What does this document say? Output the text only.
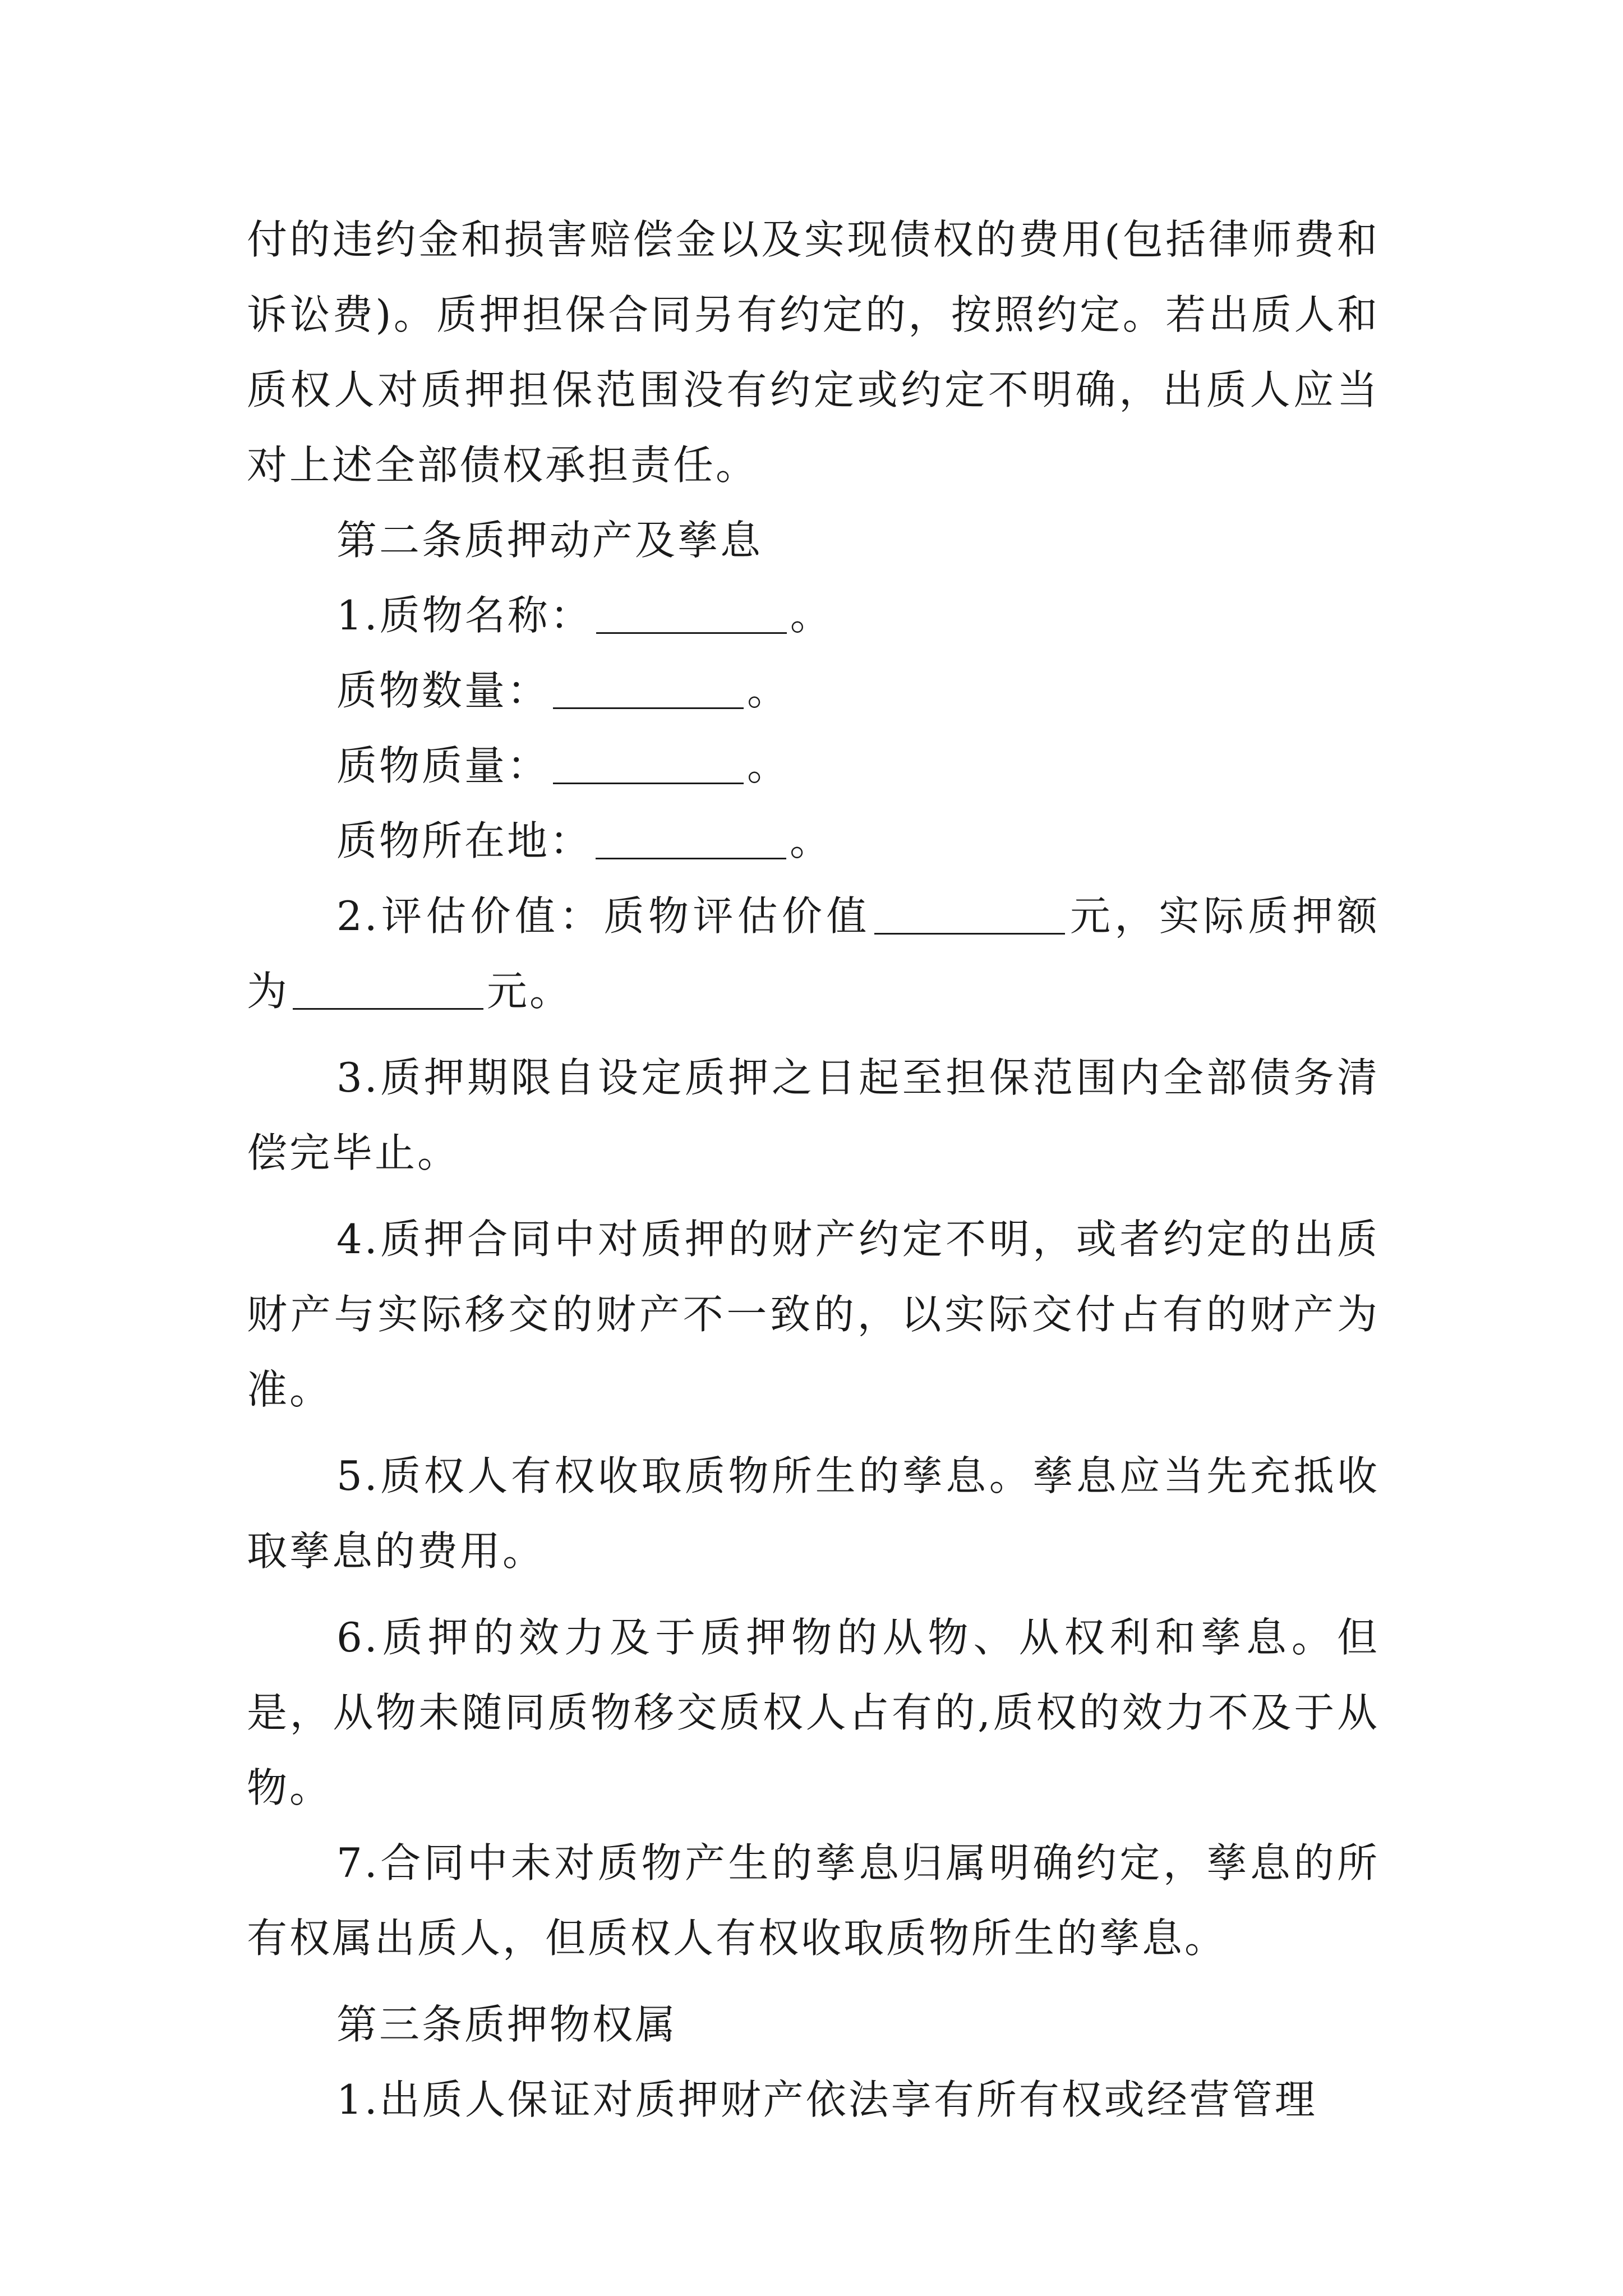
付的违约金和损害赔偿金以及实现债权的费用(包括律师费和诉讼费)。质押担保合同另有约定的，按照约定。若出质人和质权人对质押担保范围没有约定或约定不明确，出质人应当对上述全部债权承担责任。

第二条质押动产及孳息

1.质物名称：	。

质物数量：	。

质物质量：	。

质物所在地：	。

2.评估价值：质物评估价值	元，实际质押额为	元。

3.质押期限自设定质押之日起至担保范围内全部债务清偿完毕止。

4.质押合同中对质押的财产约定不明，或者约定的出质财产与实际移交的财产不一致的，以实际交付占有的财产为准。

5.质权人有权收取质物所生的孳息。孳息应当先充抵收取孳息的费用。

6.质押的效力及于质押物的从物、从权利和孳息。但是，从物未随同质物移交质权人占有的,质权的效力不及于从物。

7.合同中未对质物产生的孳息归属明确约定，孳息的所有权属出质人，但质权人有权收取质物所生的孳息。

第三条质押物权属

1.出质人保证对质押财产依法享有所有权或经营管理
